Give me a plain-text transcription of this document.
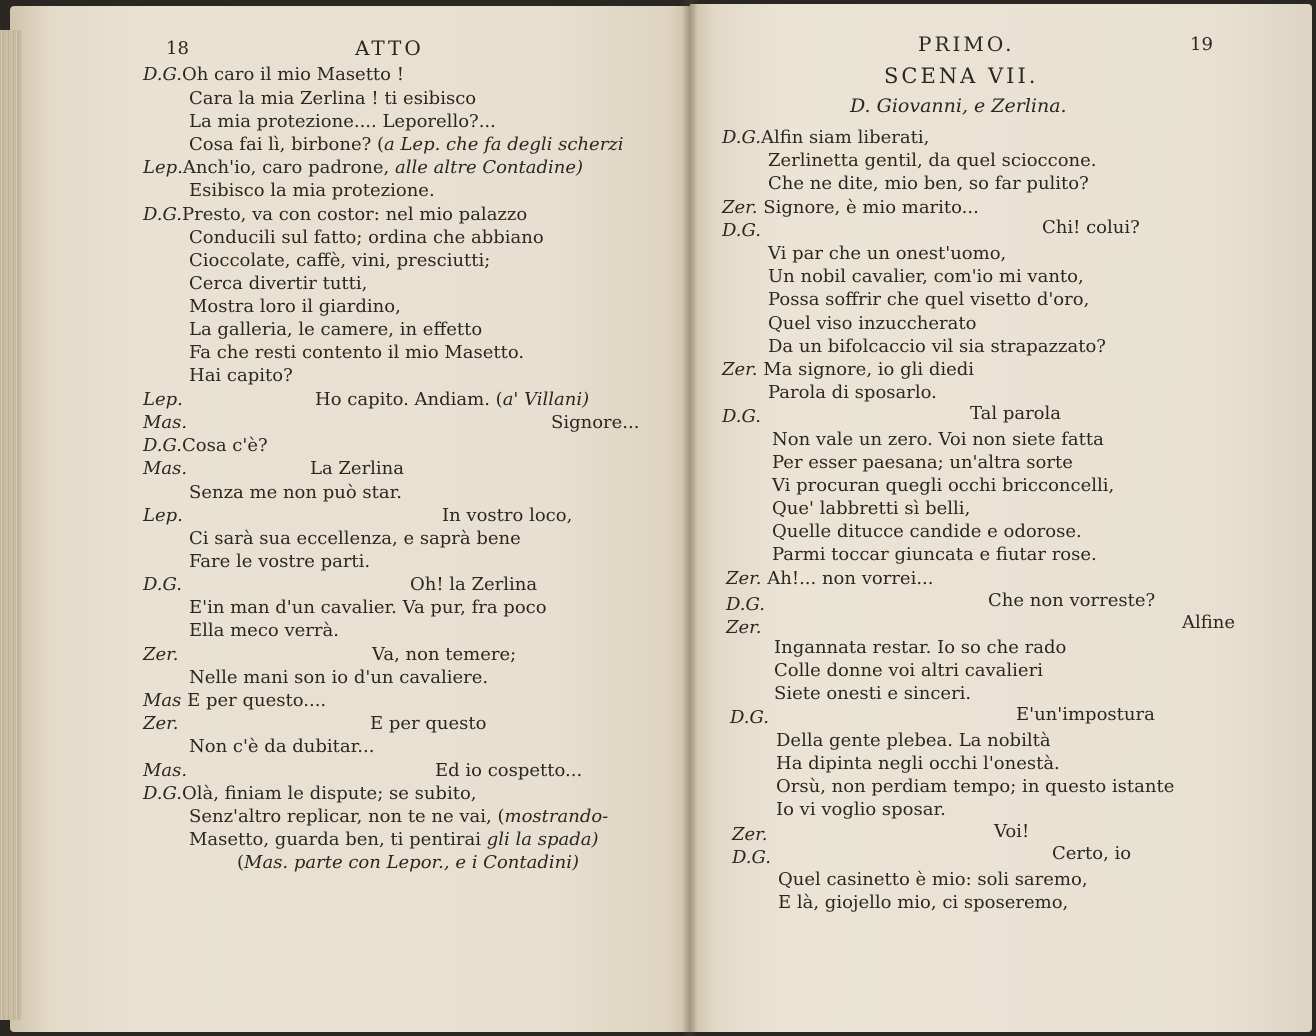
18	ATTO
D.G.Oh caro il mio Masetto !
Cara la mia Zerlina ! ti esibisco
La mia protezione.... Leporello?...
Cosa fai lì, birbone? (a Lep. che fa degli scherzi
Lep.Anch'io, caro padrone, alle altre Contadine)
Esibisco la mia protezione.
D.G.Presto, va con costor: nel mio palazzo
Conducili sul fatto; ordina che abbiano
Cioccolate, caffè, vini, presciutti;
Cerca divertir tutti,
Mostra loro il giardino,
La galleria, le camere, in effetto
Fa che resti contento il mio Masetto.
Hai capito?
Lep.	Ho capito. Andiam. (a' Villani)
Mas.	Signore...
D.G.Cosa c'è?
Mas.	La Zerlina
Senza me non può star.
Lep.	In vostro loco,
Ci sarà sua eccellenza, e saprà bene
Fare le vostre parti.
D.G.	Oh! la Zerlina
E'in man d'un cavalier. Va pur, fra poco
Ella meco verrà.
Zer.	Va, non temere;
Nelle mani son io d'un cavaliere.
Mas E per questo....
Zer.	E per questo
Non c'è da dubitar...
Mas.	Ed io cospetto...
D.G.Olà, finiam le dispute; se subito,
Senz'altro replicar, non te ne vai, (mostrando-
Masetto, guarda ben, ti pentirai gli la spada)
(Mas. parte con Lepor., e i Contadini)
PRIMO.	19
SCENA VII.
D. Giovanni, e Zerlina.
D.G.Alfin siam liberati,
Zerlinetta gentil, da quel scioccone.
Che ne dite, mio ben, so far pulito?
Zer. Signore, è mio marito...
D.G.	Chi! colui?
Vi par che un onest'uomo,
Un nobil cavalier, com'io mi vanto,
Possa soffrir che quel visetto d'oro,
Quel viso inzuccherato
Da un bifolcaccio vil sia strapazzato?
Zer. Ma signore, io gli diedi
Parola di sposarlo.
D.G.	Tal parola
Non vale un zero. Voi non siete fatta
Per esser paesana; un'altra sorte
Vi procuran quegli occhi bricconcelli,
Que' labbretti sì belli,
Quelle ditucce candide e odorose.
Parmi toccar giuncata e fiutar rose.
Zer. Ah!... non vorrei...
D.G.	Che non vorreste?
Zer.	Alfine
Ingannata restar. Io so che rado
Colle donne voi altri cavalieri
Siete onesti e sinceri.
D.G.	E'un'impostura
Della gente plebea. La nobiltà
Ha dipinta negli occhi l'onestà.
Orsù, non perdiam tempo; in questo istante
Io vi voglio sposar.
Zer.	Voi!
D.G.	Certo, io
Quel casinetto è mio: soli saremo,
E là, giojello mio, ci sposeremo,
